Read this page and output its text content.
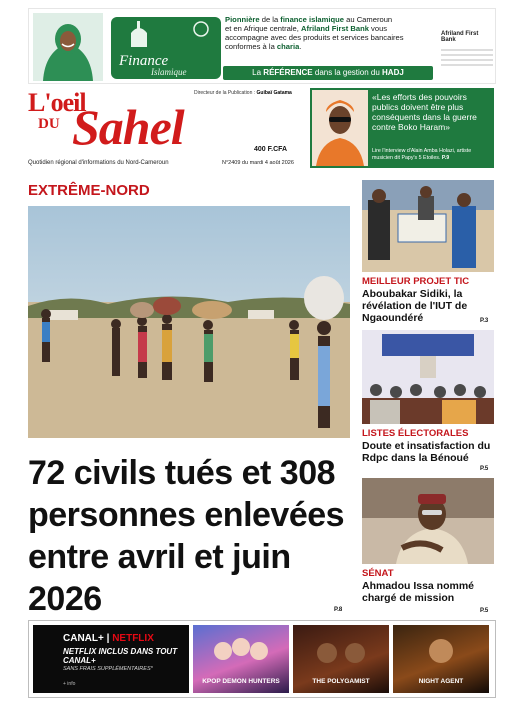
Finance
Islamique
Pionnière de la finance islamique au Cameroun
et en Afrique centrale, Afriland First Bank vous
accompagne avec des produits et services bancaires
conformes à la charia.
La RÉFÉRENCE dans la gestion du HADJ
Afriland First Bank
Directeur de la Publication : Guibaï Gatama
L'oeil
DU Sahel	400 F.CFA
Quotidien régional d'informations du Nord-Cameroun	N°2409 du mardi 4 août 2026
«Les efforts des pouvoirs publics doivent être plus conséquents dans la guerre contre Boko Haram»
Lire l'interview d'Alain Amba Holazi, artiste musicien dit Papy's 5 Etoiles. P.9
EXTRÊME-NORD
72 civils tués et 308 personnes enlevées entre avril et juin 2026	P.8
MEILLEUR PROJET TIC
Aboubakar Sidiki, la révélation de l'IUT de Ngaoundéré	P.3
LISTES ÉLECTORALES
Doute et insatisfaction du Rdpc dans la Bénoué
P.5
SÉNAT
Ahmadou Issa nommé chargé de mission
P.5
CANAL+ | NETFLIX
NETFLIX INCLUS DANS TOUT CANAL+
SANS FRAIS SUPPLÉMENTAIRES*
+ info	KPOP DEMON HUNTERS	THE POLYGAMIST	NIGHT AGENT
